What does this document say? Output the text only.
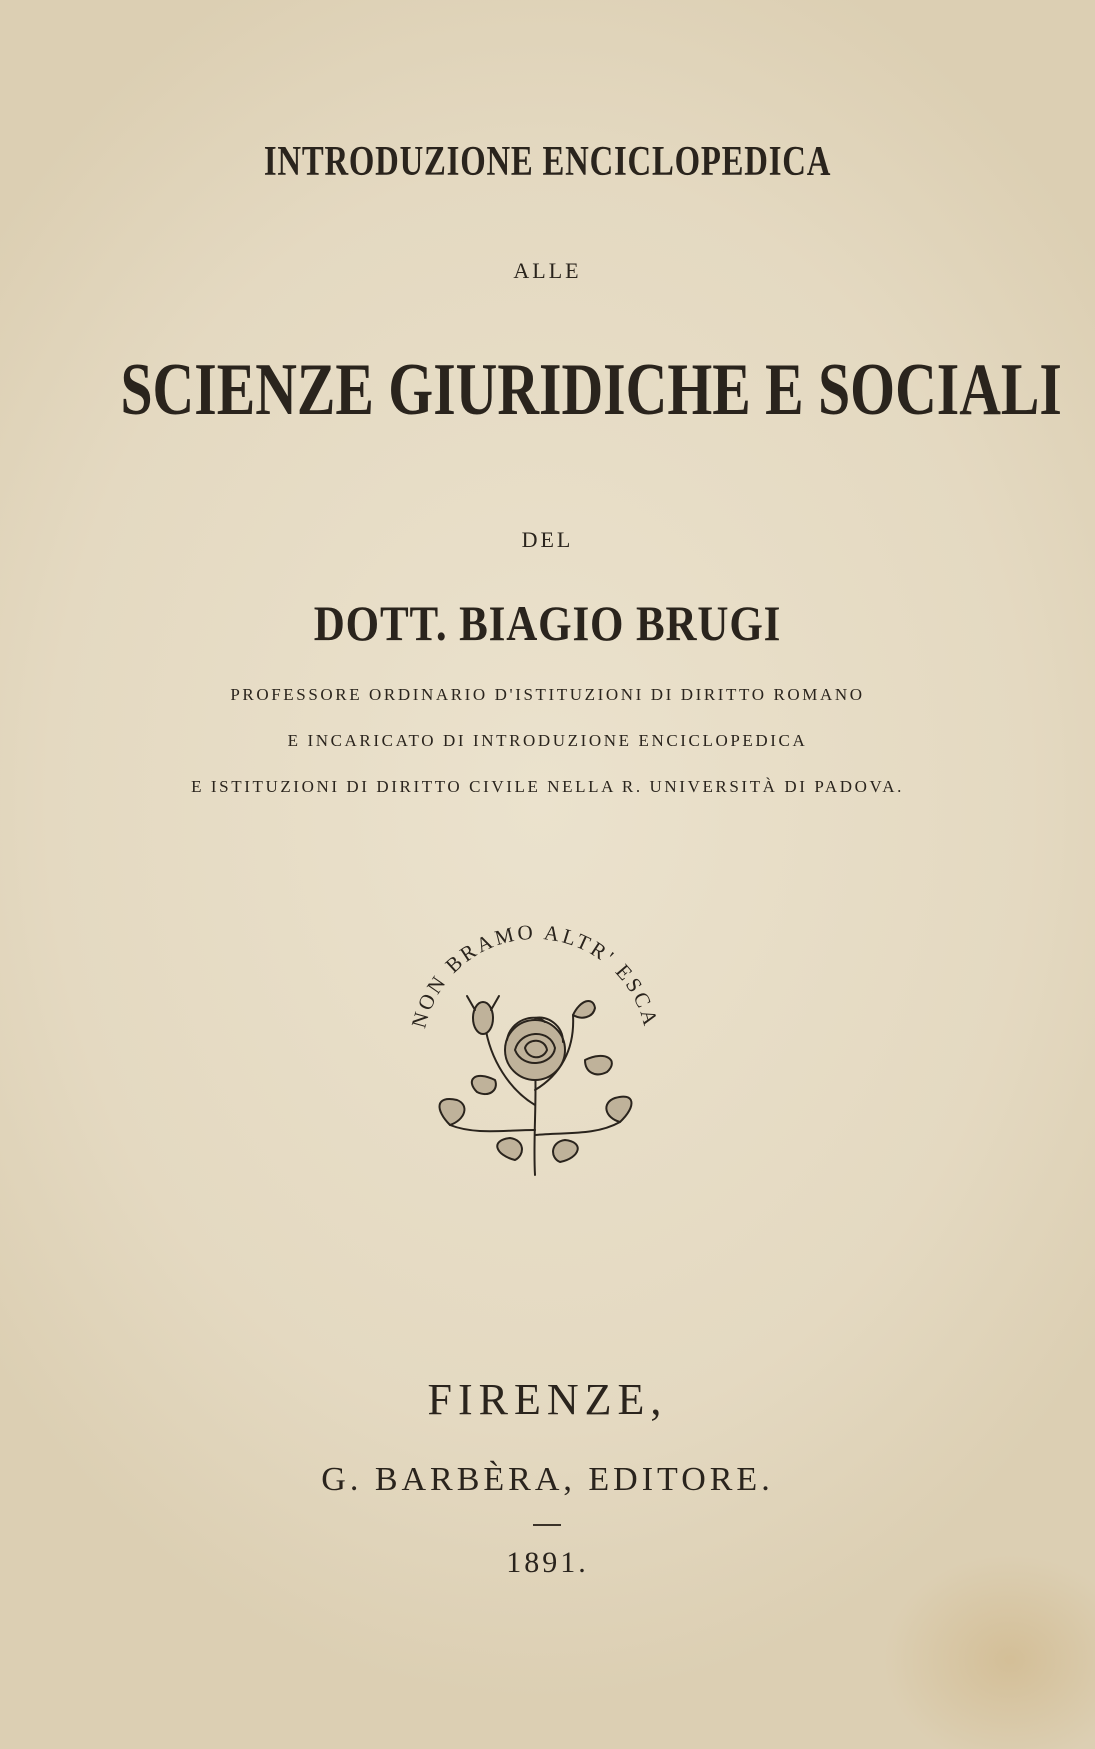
INTRODUZIONE ENCICLOPEDICA
ALLE
SCIENZE GIURIDICHE E SOCIALI
DEL
DOTT. BIAGIO BRUGI
PROFESSORE ORDINARIO D'ISTITUZIONI DI DIRITTO ROMANO
E INCARICATO DI INTRODUZIONE ENCICLOPEDICA
E ISTITUZIONI DI DIRITTO CIVILE NELLA R. UNIVERSITÀ DI PADOVA.
NON BRAMO ALTR' ESCA
FIRENZE,
G. BARBÈRA, EDITORE.
1891.
